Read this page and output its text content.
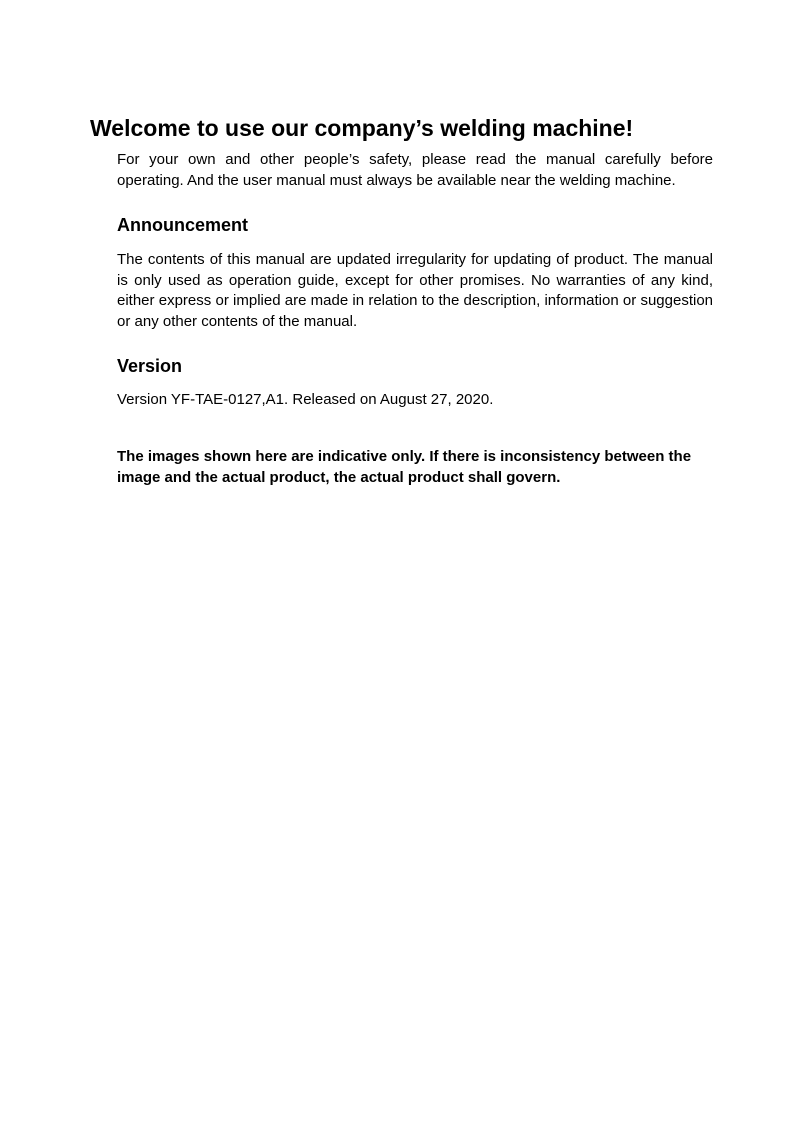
Welcome to use our company’s welding machine!

For your own and other people’s safety, please read the manual carefully before operating. And the user manual must always be available near the welding machine.

Announcement

The contents of this manual are updated irregularity for updating of product. The manual is only used as operation guide, except for other promises. No warranties of any kind, either express or implied are made in relation to the description, information or suggestion or any other contents of the manual.

Version

Version YF-TAE-0127,A1. Released on August 27, 2020.

The images shown here are indicative only. If there is inconsistency between the image and the actual product, the actual product shall govern.
